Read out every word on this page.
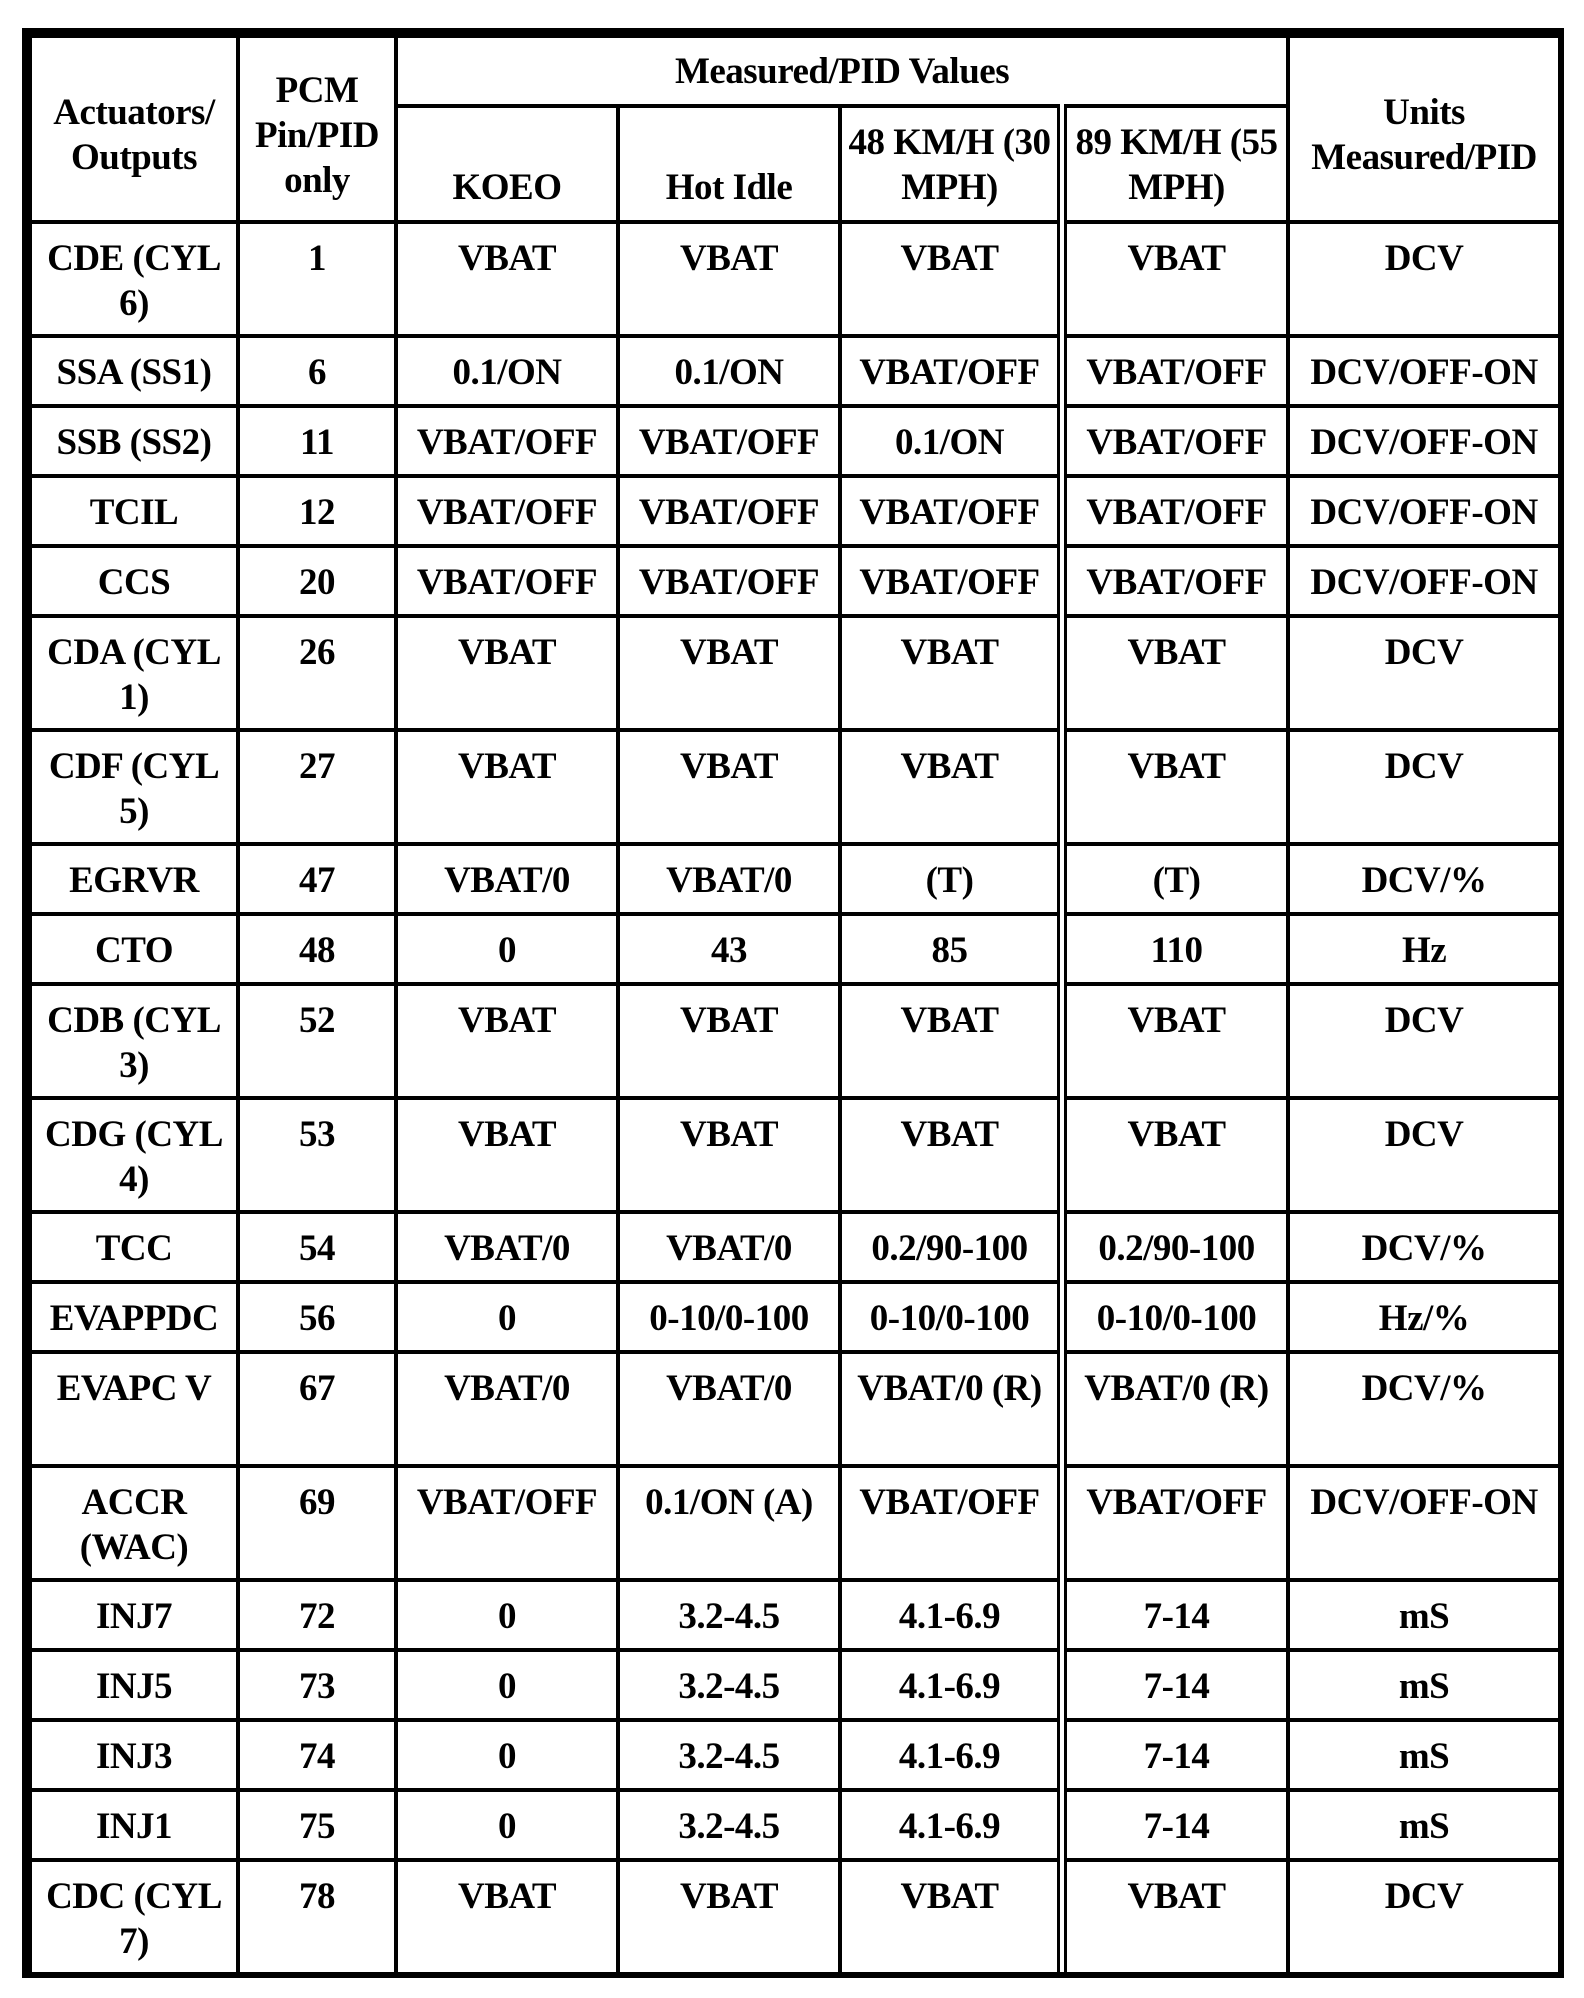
Actuators/ Outputs	PCM Pin/PID only	Measured/PID Values				Units Measured/PID
		KOEO	Hot Idle	48 KM/H (30 MPH)	89 KM/H (55 MPH)	
CDE (CYL 6)	1	VBAT	VBAT	VBAT	VBAT	DCV
SSA (SS1)	6	0.1/ON	0.1/ON	VBAT/OFF	VBAT/OFF	DCV/OFF-ON
SSB (SS2)	11	VBAT/OFF	VBAT/OFF	0.1/ON	VBAT/OFF	DCV/OFF-ON
TCIL	12	VBAT/OFF	VBAT/OFF	VBAT/OFF	VBAT/OFF	DCV/OFF-ON
CCS	20	VBAT/OFF	VBAT/OFF	VBAT/OFF	VBAT/OFF	DCV/OFF-ON
CDA (CYL 1)	26	VBAT	VBAT	VBAT	VBAT	DCV
CDF (CYL 5)	27	VBAT	VBAT	VBAT	VBAT	DCV
EGRVR	47	VBAT/0	VBAT/0	(T)	(T)	DCV/%
CTO	48	0	43	85	110	Hz
CDB (CYL 3)	52	VBAT	VBAT	VBAT	VBAT	DCV
CDG (CYL 4)	53	VBAT	VBAT	VBAT	VBAT	DCV
TCC	54	VBAT/0	VBAT/0	0.2/90-100	0.2/90-100	DCV/%
EVAPPDC	56	0	0-10/0-100	0-10/0-100	0-10/0-100	Hz/%
EVAPC V	67	VBAT/0	VBAT/0	VBAT/0 (R)	VBAT/0 (R)	DCV/%
ACCR (WAC)	69	VBAT/OFF	0.1/ON (A)	VBAT/OFF	VBAT/OFF	DCV/OFF-ON
INJ7	72	0	3.2-4.5	4.1-6.9	7-14	mS
INJ5	73	0	3.2-4.5	4.1-6.9	7-14	mS
INJ3	74	0	3.2-4.5	4.1-6.9	7-14	mS
INJ1	75	0	3.2-4.5	4.1-6.9	7-14	mS
CDC (CYL 7)	78	VBAT	VBAT	VBAT	VBAT	DCV
